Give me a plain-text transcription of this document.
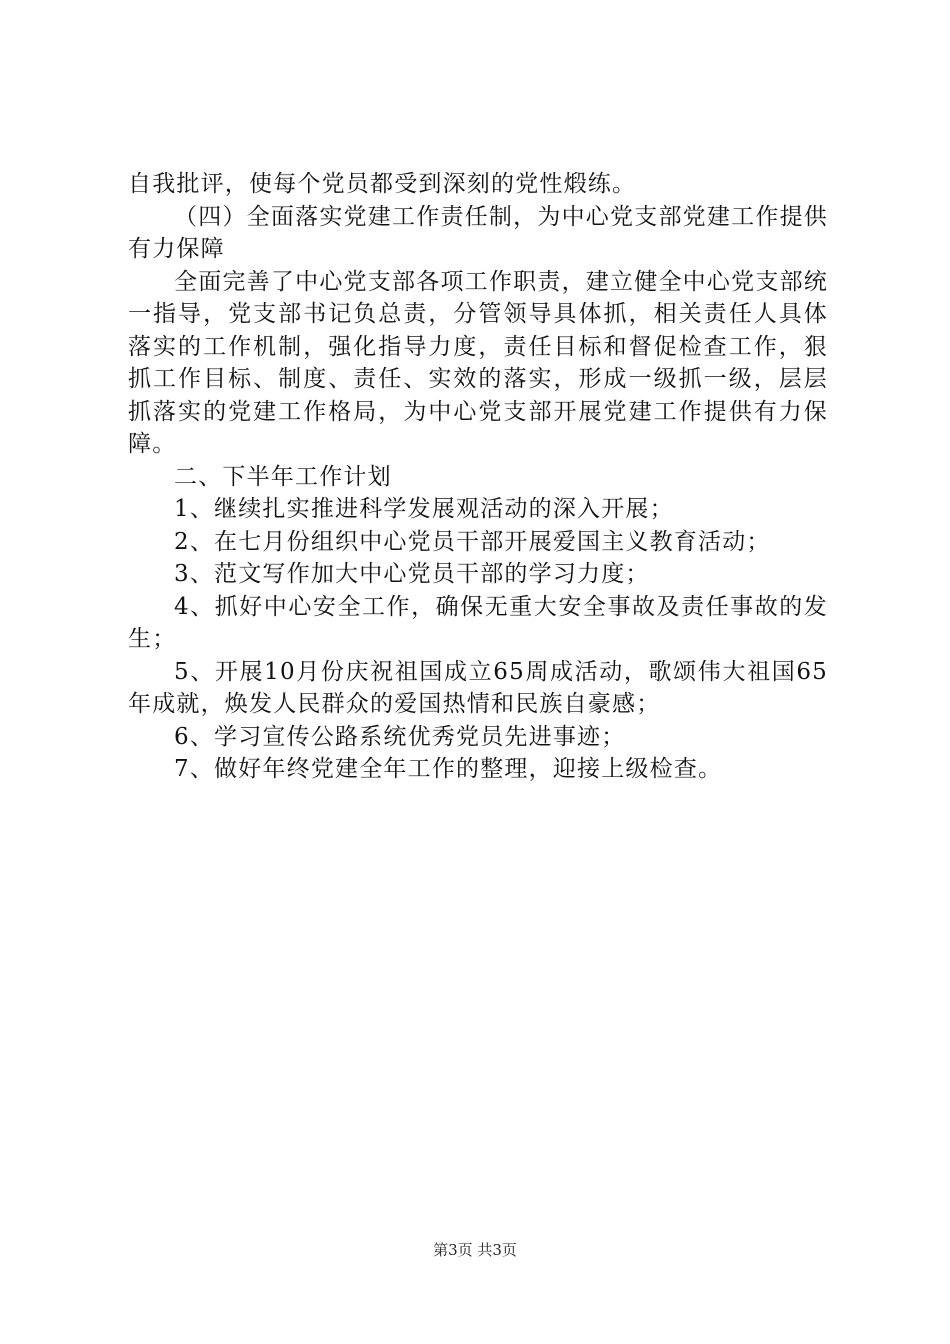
自我批评，使每个党员都受到深刻的党性煅练。

（四）全面落实党建工作责任制，为中心党支部党建工作提供有力保障

全面完善了中心党支部各项工作职责，建立健全中心党支部统一指导，党支部书记负总责，分管领导具体抓，相关责任人具体落实的工作机制，强化指导力度，责任目标和督促检查工作，狠抓工作目标、制度、责任、实效的落实，形成一级抓一级，层层抓落实的党建工作格局，为中心党支部开展党建工作提供有力保障。

二、下半年工作计划

1、继续扎实推进科学发展观活动的深入开展；

2、在七月份组织中心党员干部开展爱国主义教育活动；

3、范文写作加大中心党员干部的学习力度；

4、抓好中心安全工作，确保无重大安全事故及责任事故的发生；

5、开展10月份庆祝祖国成立65周成活动，歌颂伟大祖国65年成就，焕发人民群众的爱国热情和民族自豪感；

6、学习宣传公路系统优秀党员先进事迹；

7、做好年终党建全年工作的整理，迎接上级检查。

第3页 共3页
